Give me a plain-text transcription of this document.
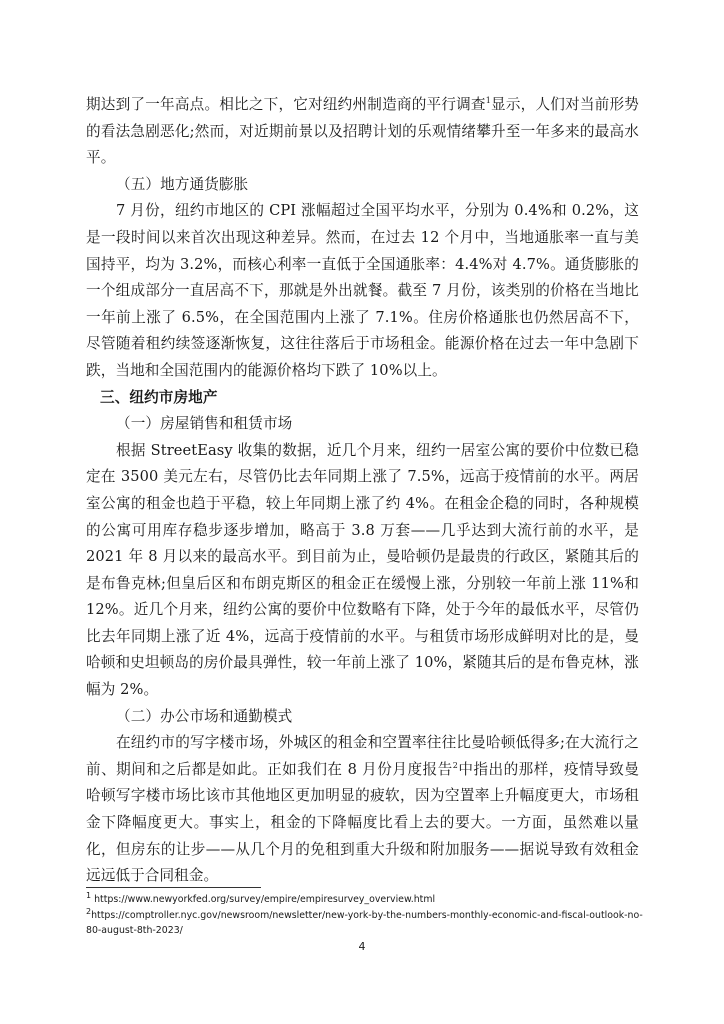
期达到了一年高点。相比之下，它对纽约州制造商的平行调查$^1$显示，人们对当前形势的看法急剧恶化;然而，对近期前景以及招聘计划的乐观情绪攀升至一年多来的最高水平。

（五）地方通货膨胀

7 月份，纽约市地区的 CPI 涨幅超过全国平均水平，分别为 0.4%和 0.2%，这是一段时间以来首次出现这种差异。然而，在过去 12 个月中，当地通胀率一直与美国持平，均为 3.2%，而核心利率一直低于全国通胀率：4.4%对 4.7%。通货膨胀的一个组成部分一直居高不下，那就是外出就餐。截至 7 月份，该类别的价格在当地比一年前上涨了 6.5%，在全国范围内上涨了 7.1%。住房价格通胀也仍然居高不下，尽管随着租约续签逐渐恢复，这往往落后于市场租金。能源价格在过去一年中急剧下跌，当地和全国范围内的能源价格均下跌了 10%以上。

三、纽约市房地产

（一）房屋销售和租赁市场

根据 StreetEasy 收集的数据，近几个月来，纽约一居室公寓的要价中位数已稳定在 3500 美元左右，尽管仍比去年同期上涨了 7.5%，远高于疫情前的水平。两居室公寓的租金也趋于平稳，较上年同期上涨了约 4%。在租金企稳的同时，各种规模的公寓可用库存稳步逐步增加，略高于 3.8 万套——几乎达到大流行前的水平，是 2021 年 8 月以来的最高水平。到目前为止，曼哈顿仍是最贵的行政区，紧随其后的是布鲁克林;但皇后区和布朗克斯区的租金正在缓慢上涨，分别较一年前上涨 11%和 12%。近几个月来，纽约公寓的要价中位数略有下降，处于今年的最低水平，尽管仍比去年同期上涨了近 4%，远高于疫情前的水平。与租赁市场形成鲜明对比的是，曼哈顿和史坦顿岛的房价最具弹性，较一年前上涨了 10%，紧随其后的是布鲁克林，涨幅为 2%。

（二）办公市场和通勤模式

在纽约市的写字楼市场，外城区的租金和空置率往往比曼哈顿低得多;在大流行之前、期间和之后都是如此。正如我们在 8 月份月度报告$^2$中指出的那样，疫情导致曼哈顿写字楼市场比该市其他地区更加明显的疲软，因为空置率上升幅度更大，市场租金下降幅度更大。事实上，租金的下降幅度比看上去的要大。一方面，虽然难以量化，但房东的让步——从几个月的免租到重大升级和附加服务——据说导致有效租金远远低于合同租金。

$^1$ https://www.newyorkfed.org/survey/empire/empiresurvey_overview.html

$^2$https://comptroller.nyc.gov/newsroom/newsletter/new-york-by-the-numbers-monthly-economic-and-fiscal-outlook-no-80-august-8th-2023/

4
